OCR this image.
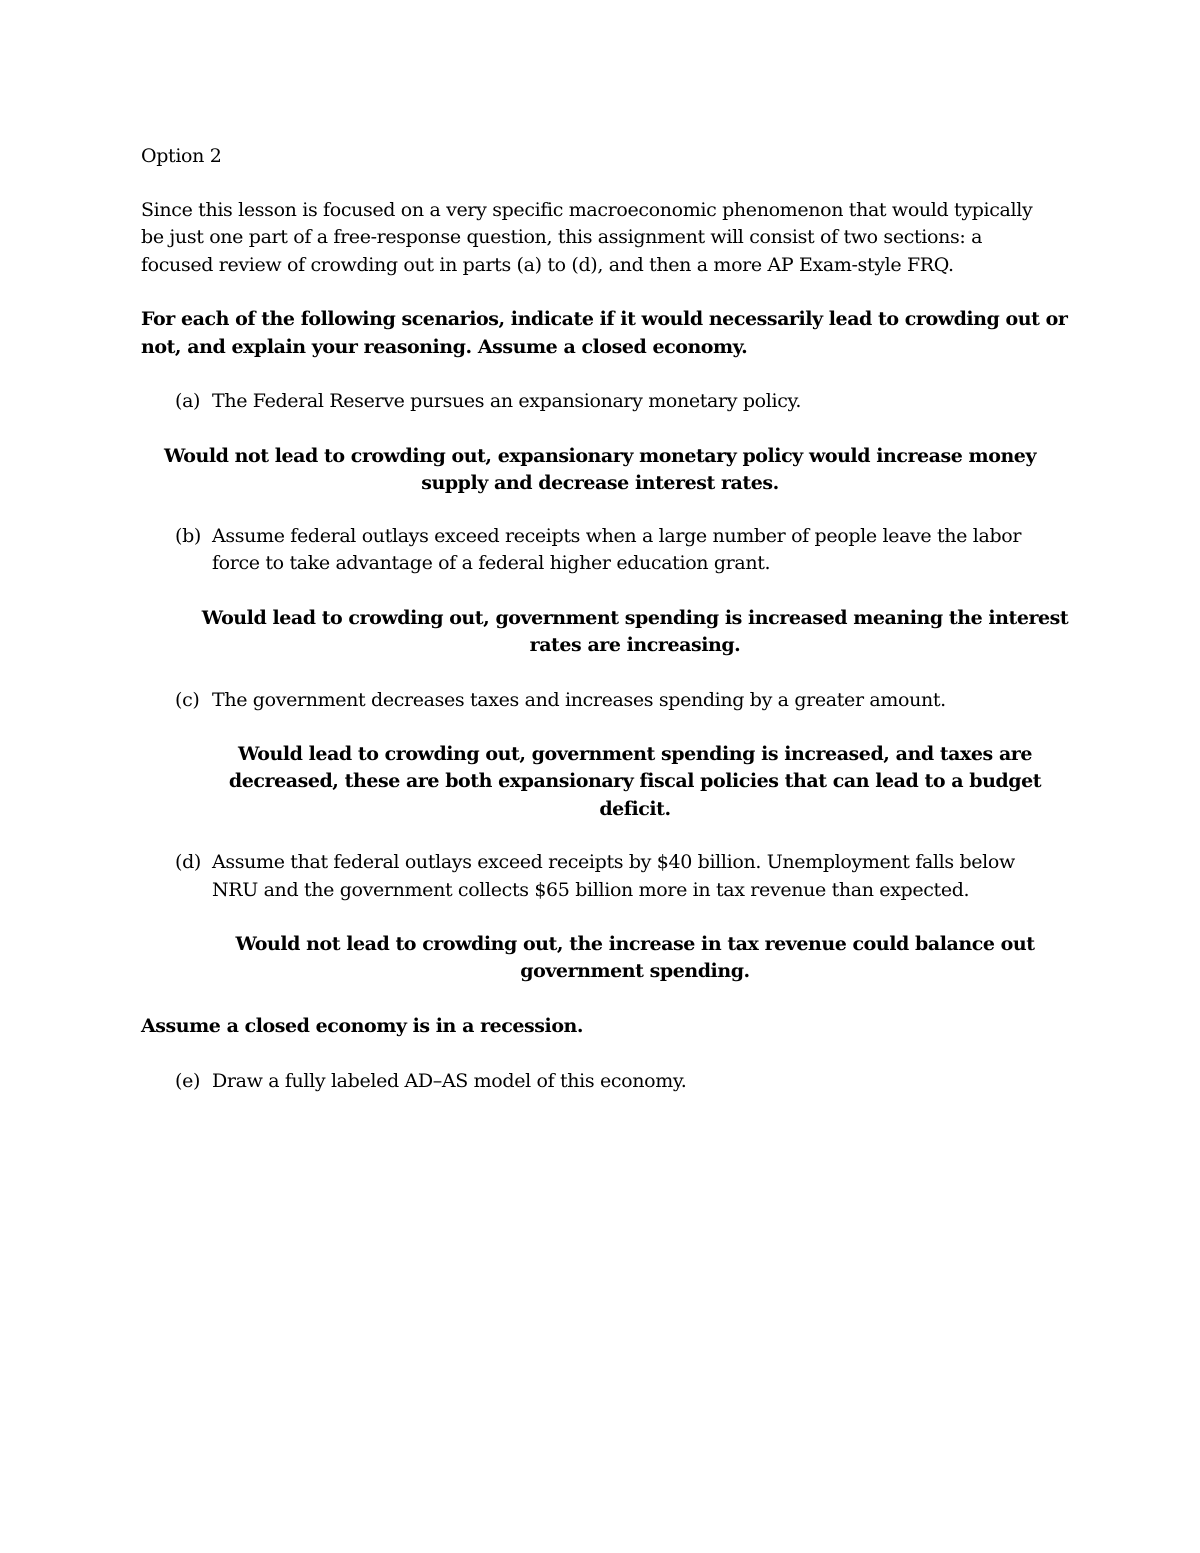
Option 2
Since this lesson is focused on a very specific macroeconomic phenomenon that would typically
be just one part of a free-response question, this assignment will consist of two sections: a
focused review of crowding out in parts (a) to (d), and then a more AP Exam-style FRQ.
For each of the following scenarios, indicate if it would necessarily lead to crowding out or
not, and explain your reasoning. Assume a closed economy.
(a) The Federal Reserve pursues an expansionary monetary policy.
Would not lead to crowding out, expansionary monetary policy would increase money
supply and decrease interest rates.
(b) Assume federal outlays exceed receipts when a large number of people leave the labor
force to take advantage of a federal higher education grant.
Would lead to crowding out, government spending is increased meaning the interest
rates are increasing.
(c) The government decreases taxes and increases spending by a greater amount.
Would lead to crowding out, government spending is increased, and taxes are
decreased, these are both expansionary fiscal policies that can lead to a budget
deficit.
(d) Assume that federal outlays exceed receipts by $40 billion. Unemployment falls below
NRU and the government collects $65 billion more in tax revenue than expected.
Would not lead to crowding out, the increase in tax revenue could balance out
government spending.
Assume a closed economy is in a recession.
(e) Draw a fully labeled AD–AS model of this economy.
